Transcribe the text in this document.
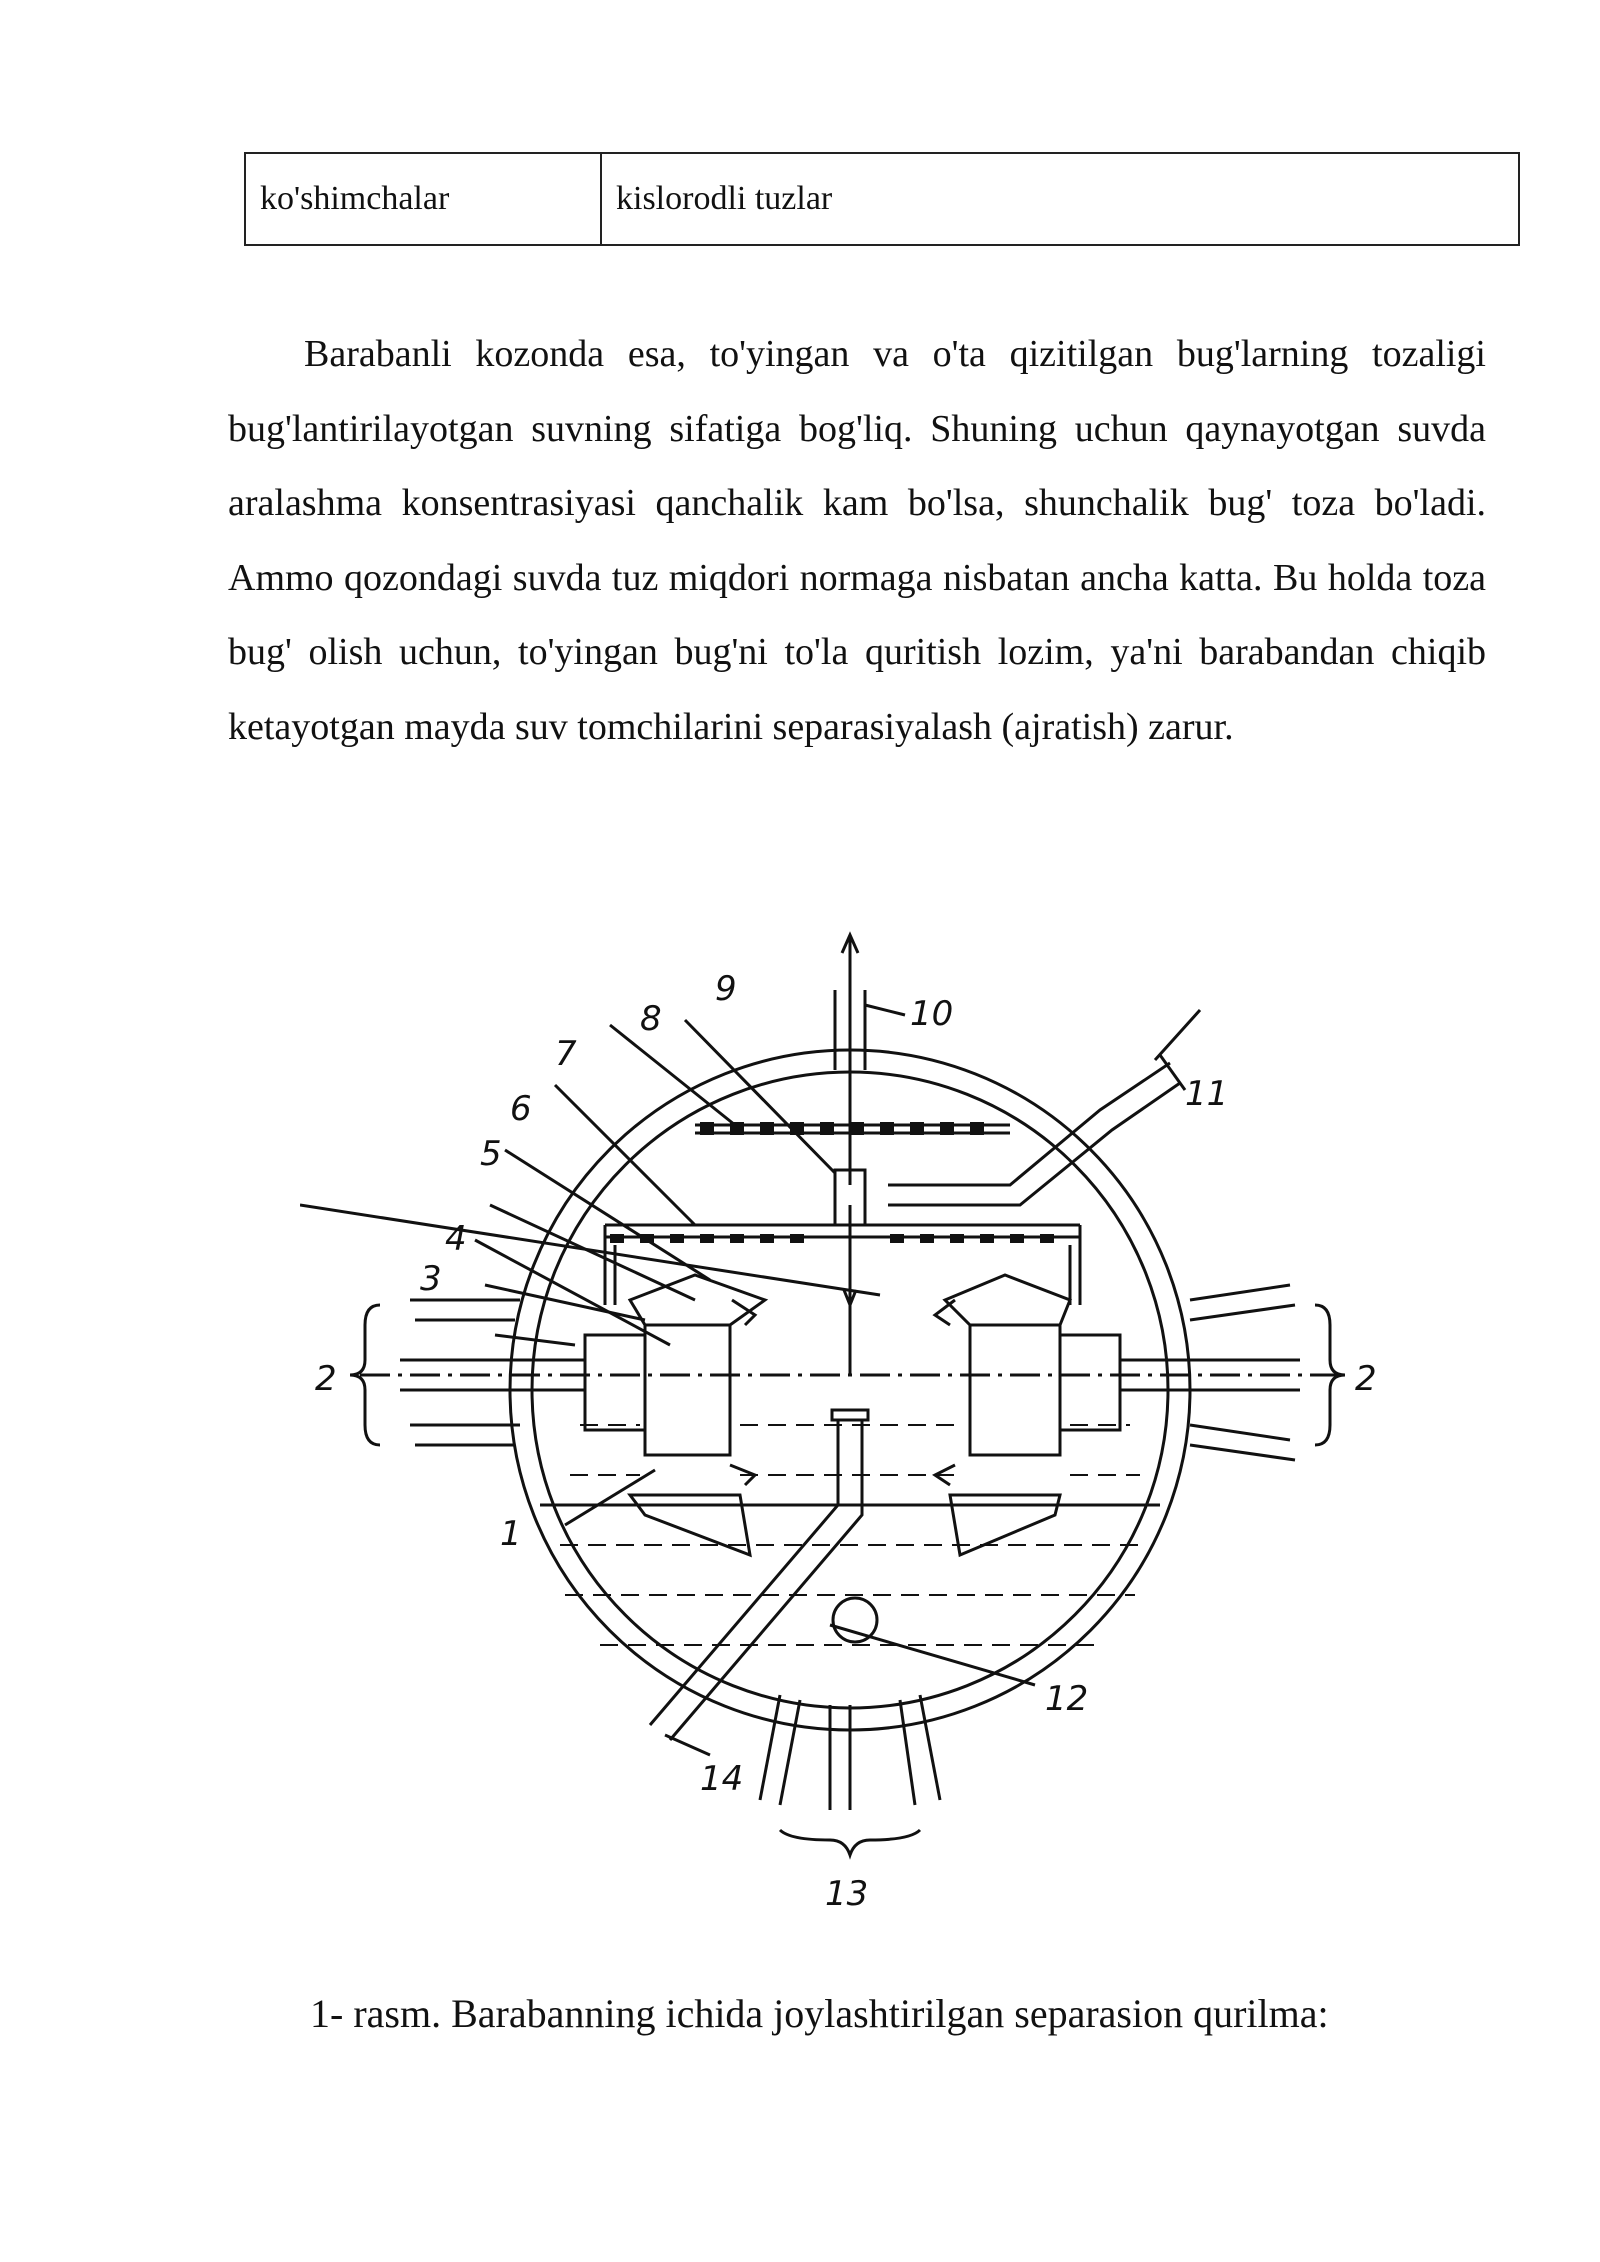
ko'shimchalar	kislorodli tuzlar

Barabanli kozonda esa, to'yingan va o'ta qizitilgan bug'larning tozaligi bug'lantirilayotgan suvning sifatiga bog'liq. Shuning uchun qaynayotgan suvda aralashma konsentrasiyasi qanchalik kam bo'lsa, shunchalik bug' toza bo'ladi. Ammo qozondagi suvda tuz miqdori normaga nisbatan ancha katta. Bu holda toza bug' olish uchun, to'yingan bug'ni to'la quritish lozim, ya'ni barabandan chiqib ketayotgan mayda suv tomchilarini separasiyalash (ajratish) zarur.

1
2	2
3
4
5
6
7
8
9
10
11
12
13
14

1- rasm. Barabanning ichida joylashtirilgan separasion qurilma:
